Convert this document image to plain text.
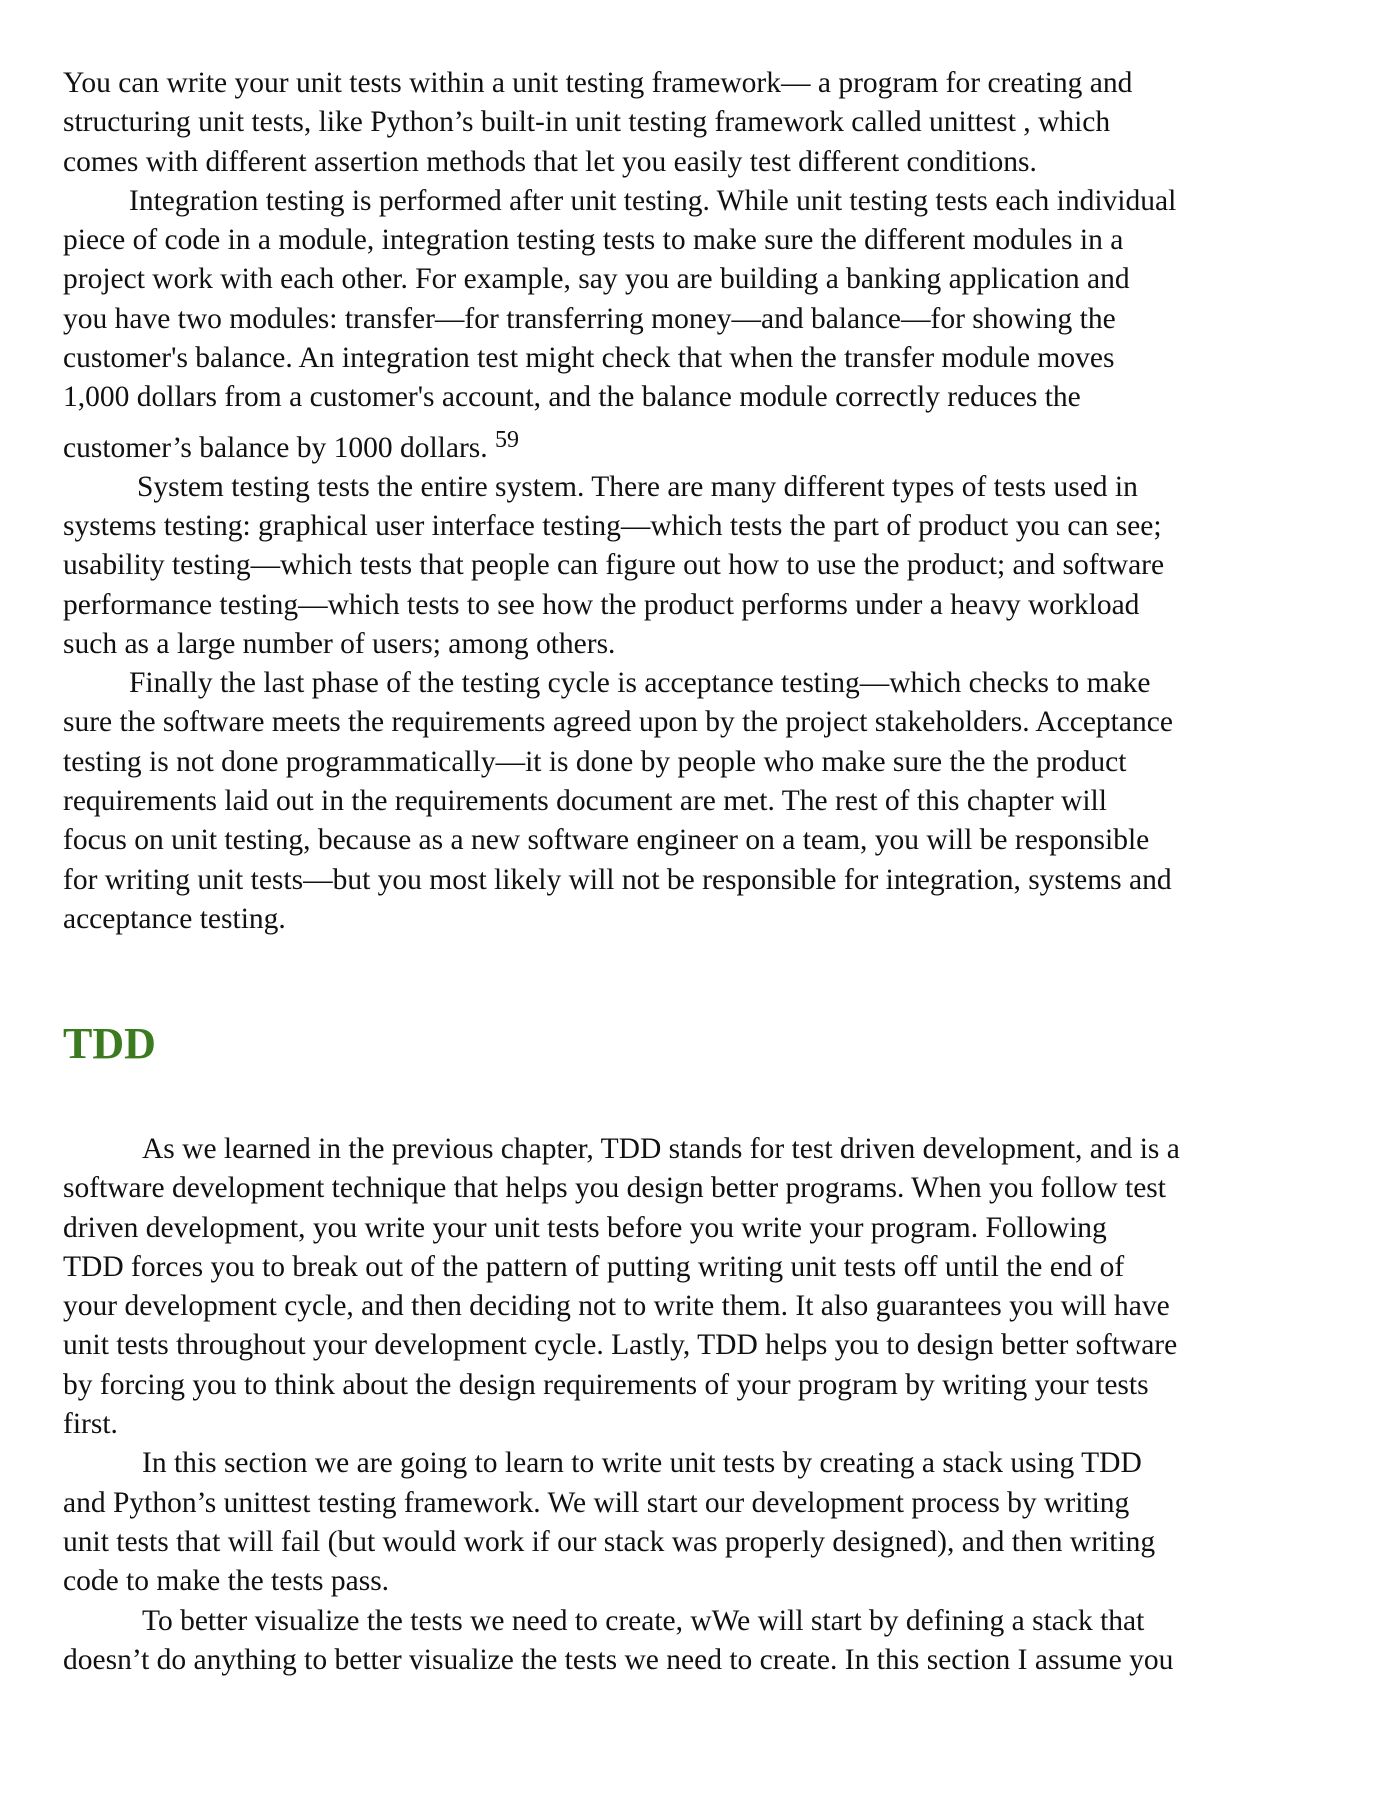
You can write your unit tests within a unit testing framework— a program for creating and
structuring unit tests, like Python’s built-in unit testing framework called unittest , which
comes with different assertion methods that let you easily test different conditions.

Integration testing is performed after unit testing. While unit testing tests each individual
piece of code in a module, integration testing tests to make sure the different modules in a
project work with each other. For example, say you are building a banking application and
you have two modules: transfer—for transferring money—and balance—for showing the
customer's balance. An integration test might check that when the transfer module moves
1,000 dollars from a customer's account, and the balance module correctly reduces the
customer’s balance by 1000 dollars. $^{59}$

System testing tests the entire system. There are many different types of tests used in
systems testing: graphical user interface testing—which tests the part of product you can see;
usability testing—which tests that people can figure out how to use the product; and software
performance testing—which tests to see how the product performs under a heavy workload
such as a large number of users; among others.

Finally the last phase of the testing cycle is acceptance testing—which checks to make
sure the software meets the requirements agreed upon by the project stakeholders. Acceptance
testing is not done programmatically—it is done by people who make sure the the product
requirements laid out in the requirements document are met. The rest of this chapter will
focus on unit testing, because as a new software engineer on a team, you will be responsible
for writing unit tests—but you most likely will not be responsible for integration, systems and
acceptance testing.

TDD

As we learned in the previous chapter, TDD stands for test driven development, and is a
software development technique that helps you design better programs. When you follow test
driven development, you write your unit tests before you write your program. Following
TDD forces you to break out of the pattern of putting writing unit tests off until the end of
your development cycle, and then deciding not to write them. It also guarantees you will have
unit tests throughout your development cycle. Lastly, TDD helps you to design better software
by forcing you to think about the design requirements of your program by writing your tests
first.

In this section we are going to learn to write unit tests by creating a stack using TDD
and Python’s unittest testing framework. We will start our development process by writing
unit tests that will fail (but would work if our stack was properly designed), and then writing
code to make the tests pass.

To better visualize the tests we need to create, wWe will start by defining a stack that
doesn’t do anything to better visualize the tests we need to create. In this section I assume you
